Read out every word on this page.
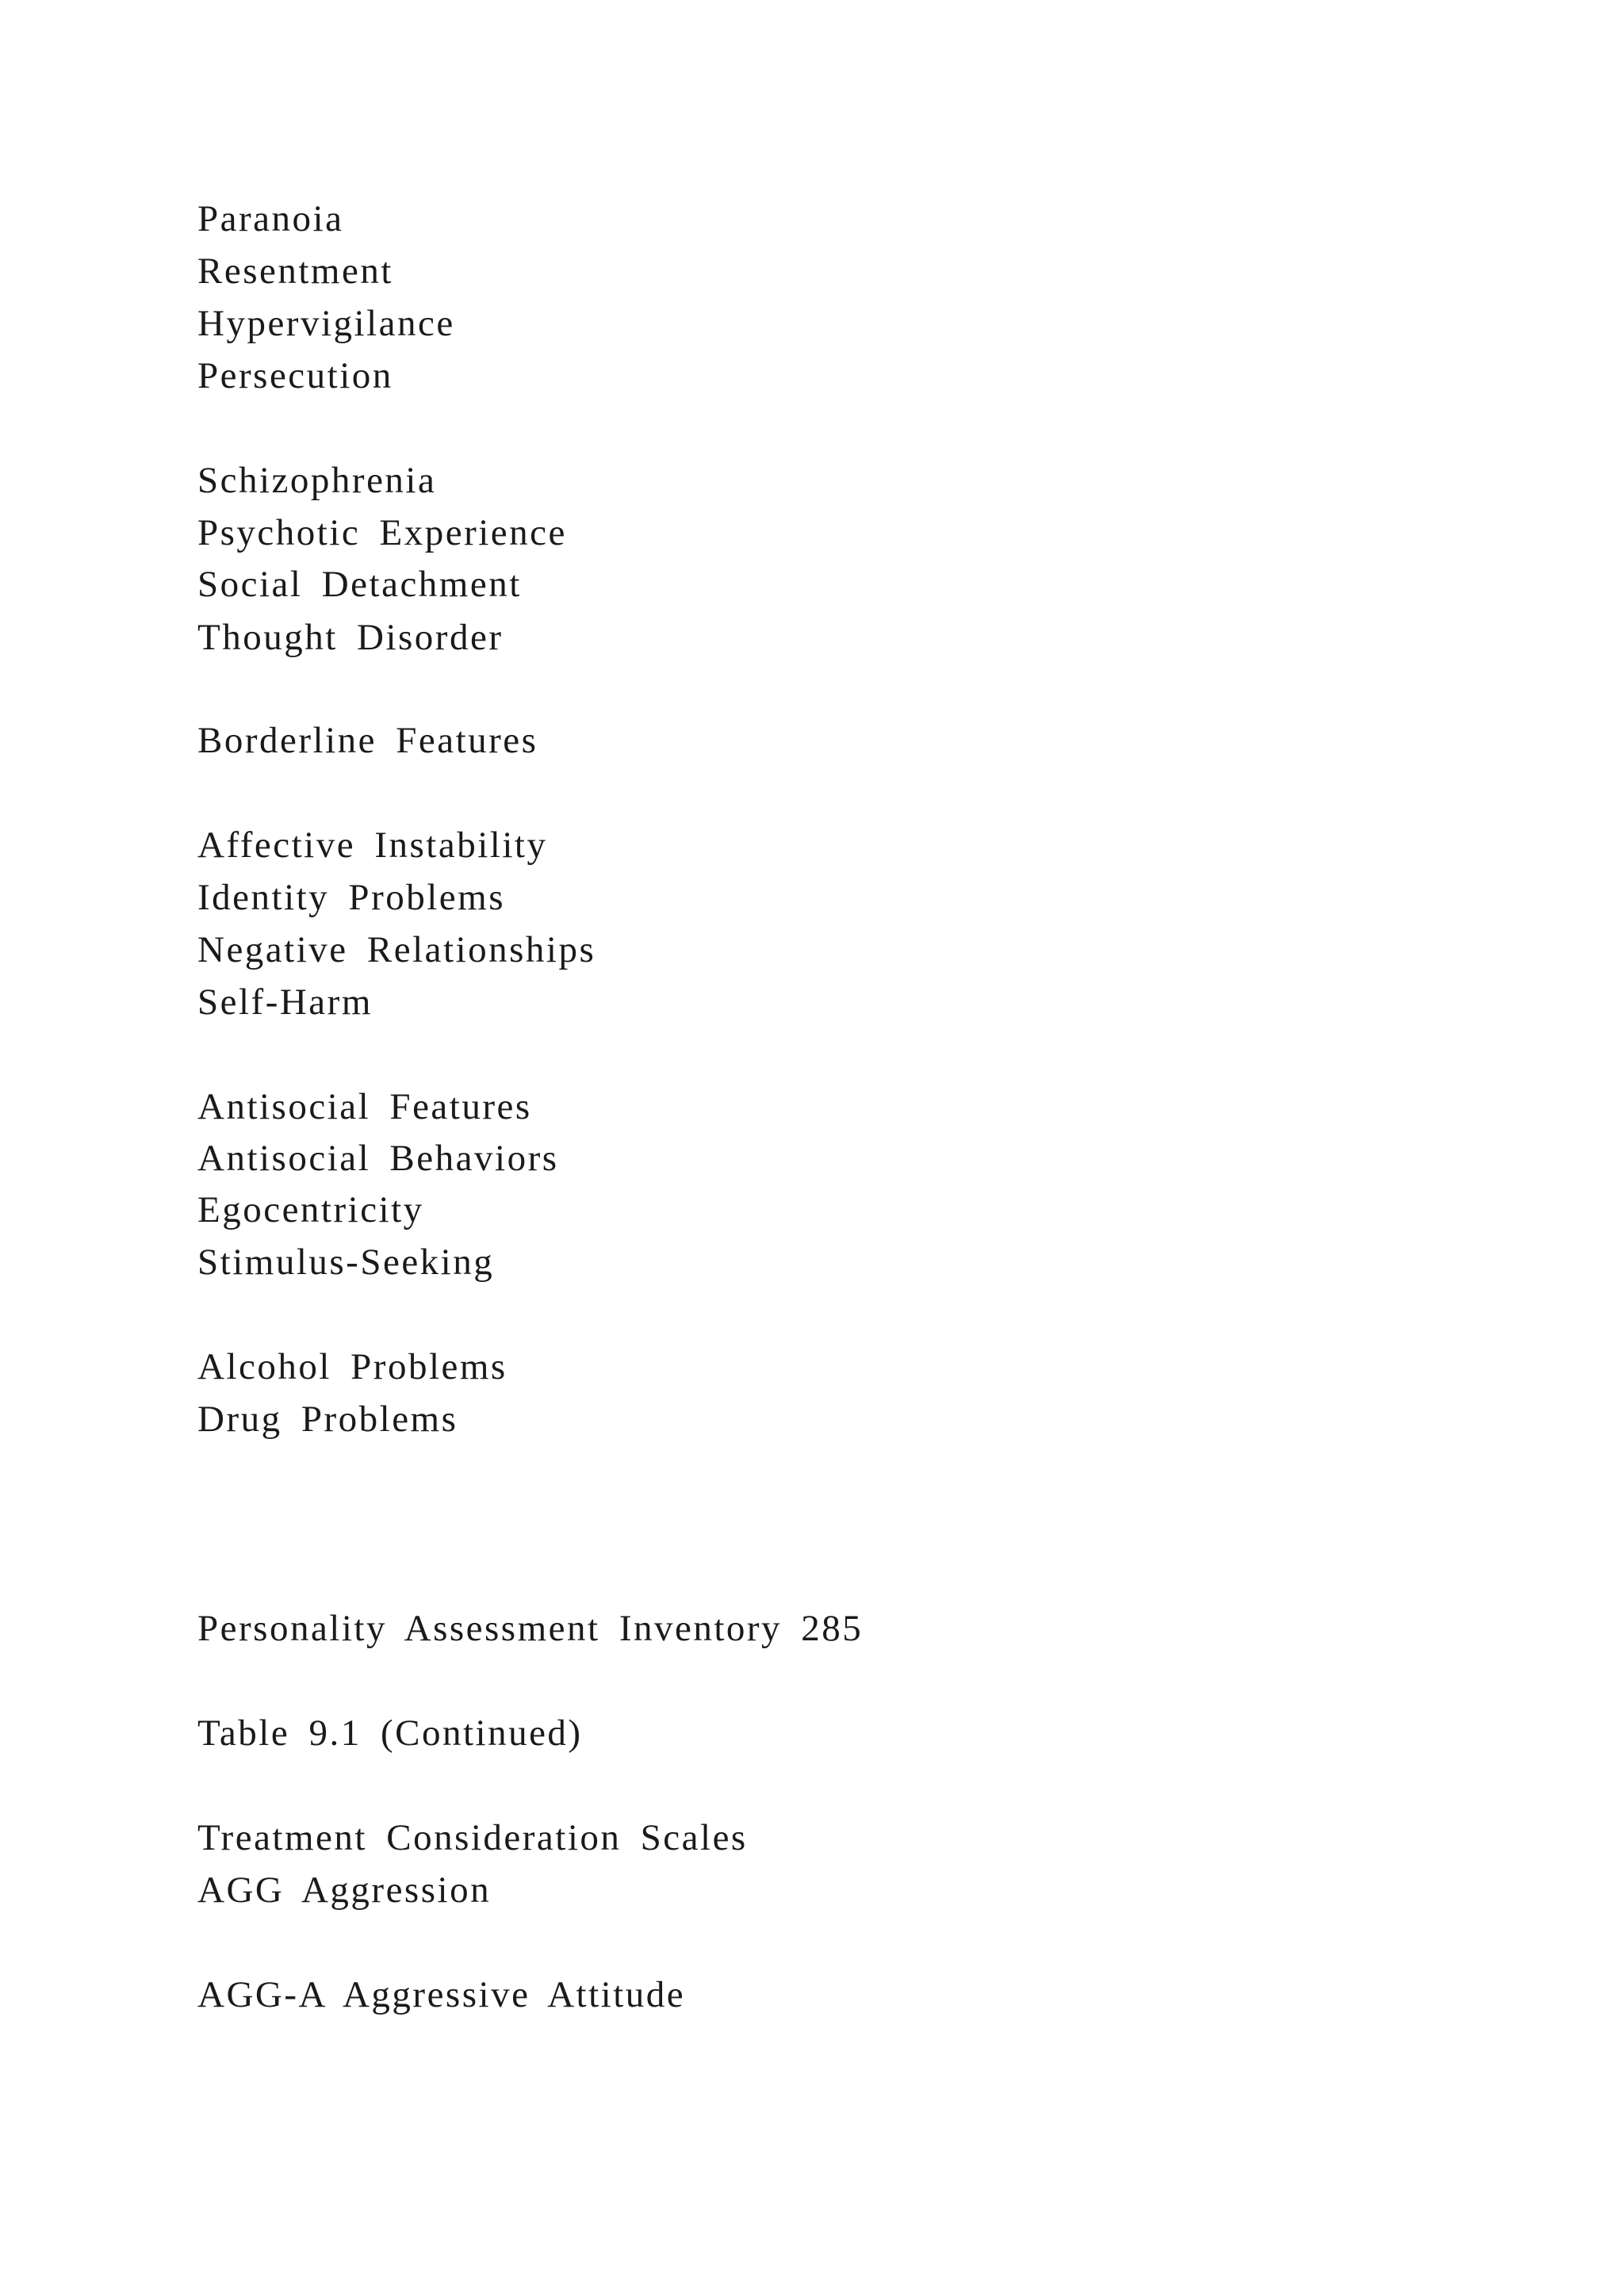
Paranoia

Resentment

Hypervigilance

Persecution

Schizophrenia

Psychotic Experience

Social Detachment

Thought Disorder

Borderline Features

Affective Instability

Identity Problems

Negative Relationships

Self-Harm

Antisocial Features

Antisocial Behaviors

Egocentricity

Stimulus-Seeking

Alcohol Problems

Drug Problems

Personality Assessment Inventory 285

Table 9.1 (Continued)

Treatment Consideration Scales

AGG Aggression

AGG-A Aggressive Attitude
